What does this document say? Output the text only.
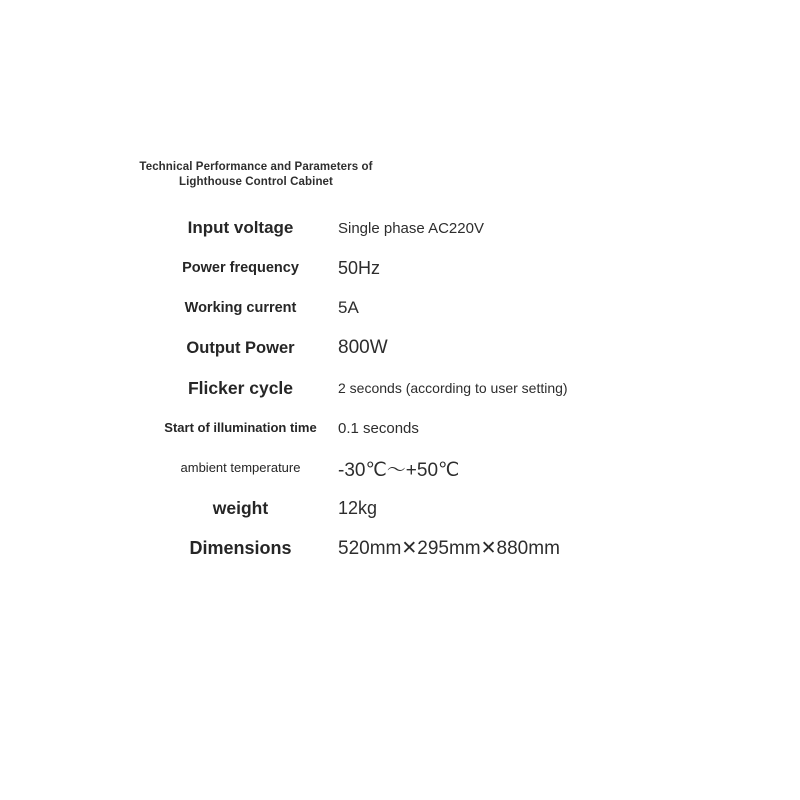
Technical Performance and Parameters of Lighthouse Control Cabinet
Input voltage	Single phase AC220V
Power frequency	50Hz
Working current	5A
Output Power	800W
Flicker cycle	2 seconds (according to user setting)
Start of illumination time	0.1 seconds
ambient temperature	-30℃～+50℃
weight	12kg
Dimensions	520mm✕295mm✕880mm
